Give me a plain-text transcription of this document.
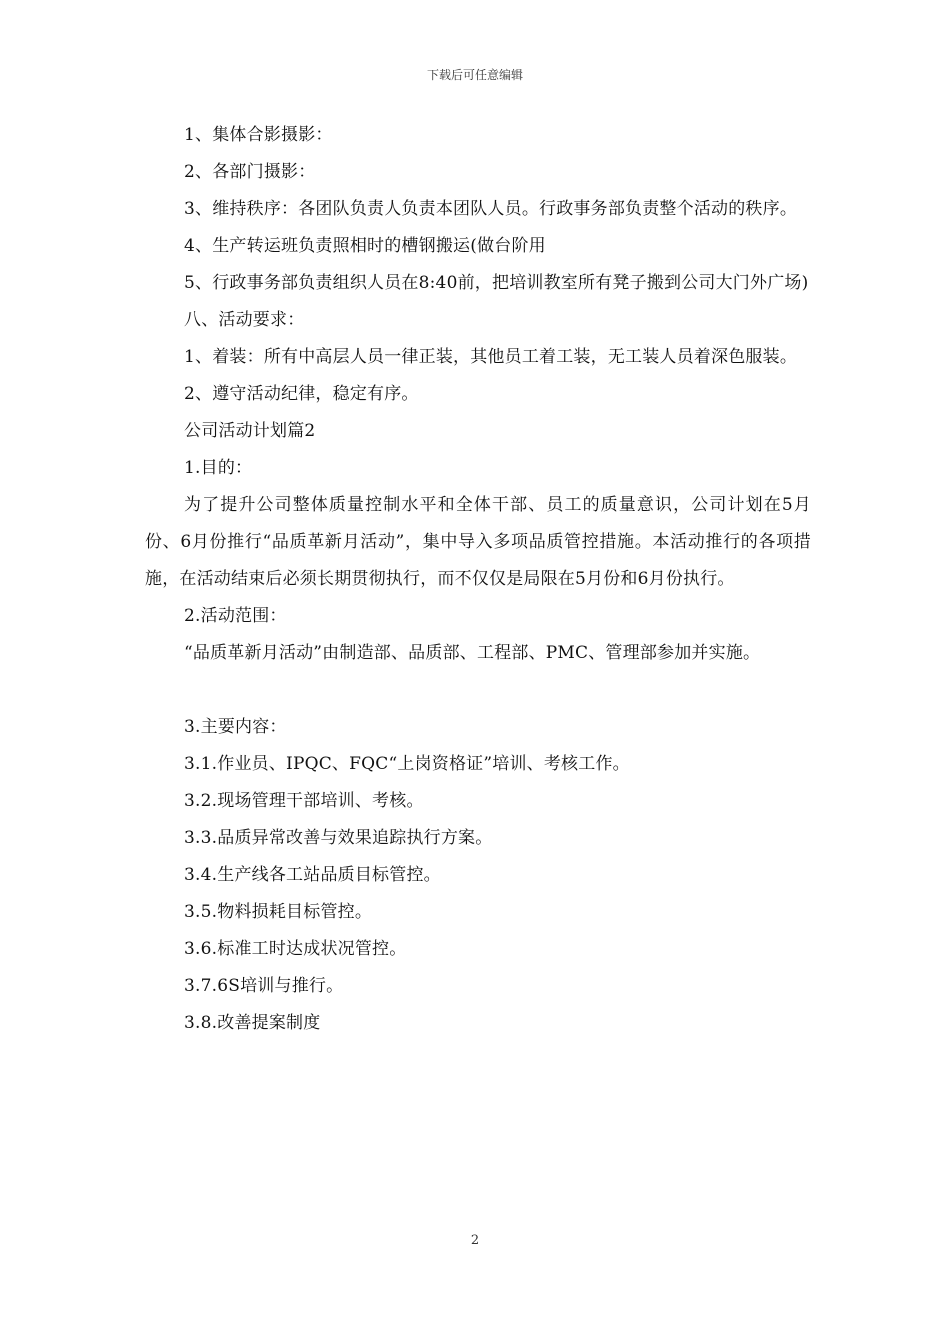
下载后可任意编辑

1、集体合影摄影：

2、各部门摄影：

3、维持秩序：各团队负责人负责本团队人员。行政事务部负责整个活动的秩序。

4、生产转运班负责照相时的槽钢搬运(做台阶用

5、行政事务部负责组织人员在8:40前，把培训教室所有凳子搬到公司大门外广场)

八、活动要求：

1、着装：所有中高层人员一律正装，其他员工着工装，无工装人员着深色服装。

2、遵守活动纪律，稳定有序。

公司活动计划篇2

1.目的：

为了提升公司整体质量控制水平和全体干部、员工的质量意识，公司计划在5月份、6月份推行“品质革新月活动”，集中导入多项品质管控措施。本活动推行的各项措施，在活动结束后必须长期贯彻执行，而不仅仅是局限在5月份和6月份执行。

2.活动范围：

“品质革新月活动”由制造部、品质部、工程部、PMC、管理部参加并实施。

3.主要内容：

3.1.作业员、IPQC、FQC“上岗资格证”培训、考核工作。

3.2.现场管理干部培训、考核。

3.3.品质异常改善与效果追踪执行方案。

3.4.生产线各工站品质目标管控。

3.5.物料损耗目标管控。

3.6.标准工时达成状况管控。

3.7.6S培训与推行。

3.8.改善提案制度

2
